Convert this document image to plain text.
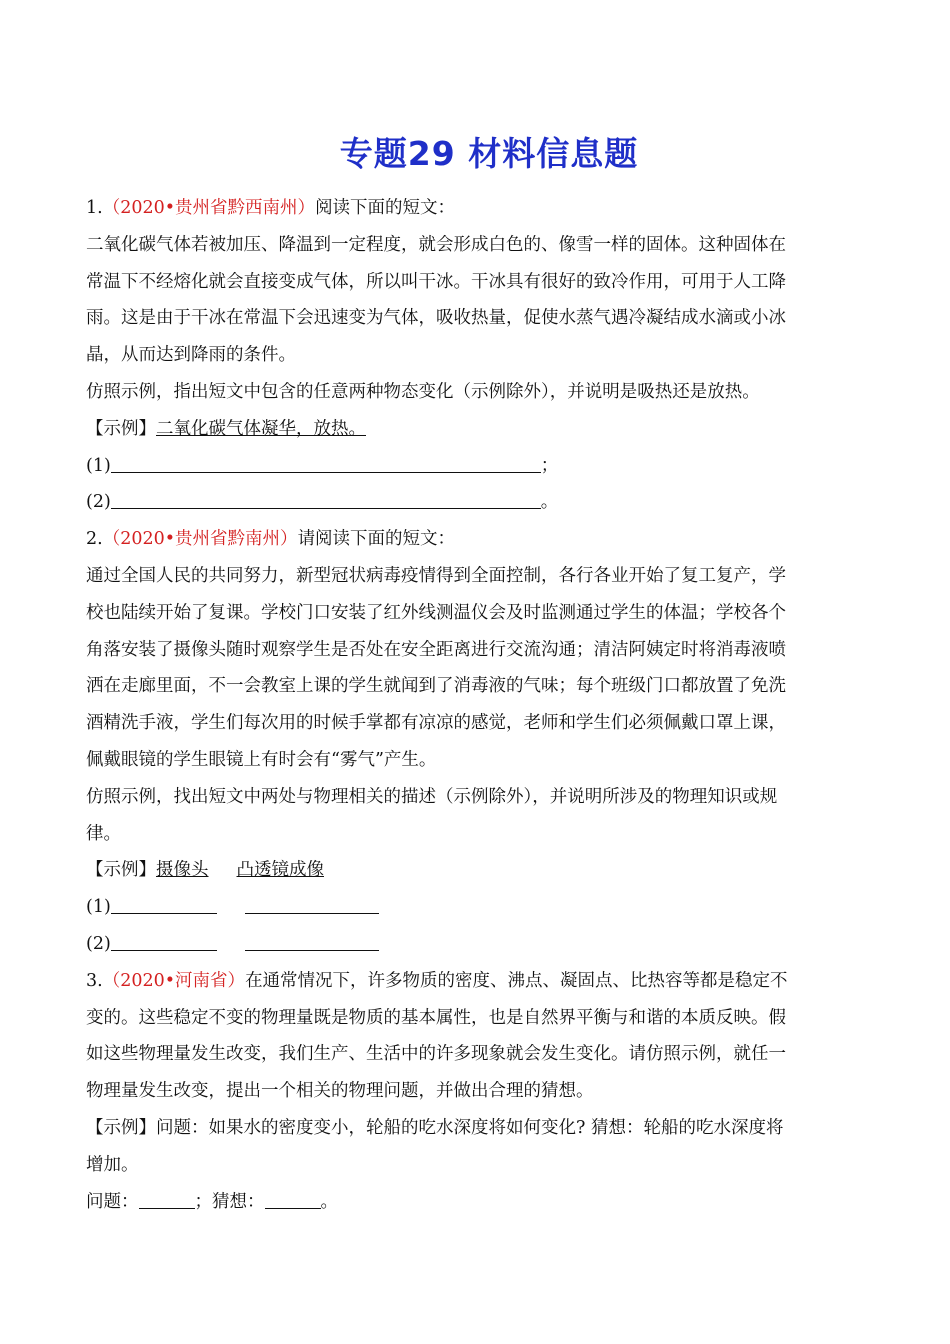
专题29 材料信息题
1.（2020•贵州省黔西南州）阅读下面的短文：
二氧化碳气体若被加压、降温到一定程度，就会形成白色的、像雪一样的固体。这种固体在
常温下不经熔化就会直接变成气体，所以叫干冰。干冰具有很好的致冷作用，可用于人工降
雨。这是由于干冰在常温下会迅速变为气体，吸收热量，促使水蒸气遇冷凝结成水滴或小冰
晶，从而达到降雨的条件。
仿照示例，指出短文中包含的任意两种物态变化（示例除外），并说明是吸热还是放热。
【示例】二氧化碳气体凝华，放热。
(1)	；
(2)	。
2.（2020•贵州省黔南州）请阅读下面的短文：
通过全国人民的共同努力，新型冠状病毒疫情得到全面控制，各行各业开始了复工复产，学
校也陆续开始了复课。学校门口安装了红外线测温仪会及时监测通过学生的体温；学校各个
角落安装了摄像头随时观察学生是否处在安全距离进行交流沟通；清洁阿姨定时将消毒液喷
洒在走廊里面，不一会教室上课的学生就闻到了消毒液的气味；每个班级门口都放置了免洗
酒精洗手液，学生们每次用的时候手掌都有凉凉的感觉，老师和学生们必须佩戴口罩上课，
佩戴眼镜的学生眼镜上有时会有“雾气”产生。
仿照示例，找出短文中两处与物理相关的描述（示例除外），并说明所涉及的物理知识或规
律。
【示例】摄像头 凸透镜成像
(1)
(2)
3.（2020•河南省）在通常情况下，许多物质的密度、沸点、凝固点、比热容等都是稳定不
变的。这些稳定不变的物理量既是物质的基本属性，也是自然界平衡与和谐的本质反映。假
如这些物理量发生改变，我们生产、生活中的许多现象就会发生变化。请仿照示例，就任一
物理量发生改变，提出一个相关的物理问题，并做出合理的猜想。
【示例】问题：如果水的密度变小，轮船的吃水深度将如何变化? 猜想：轮船的吃水深度将
增加。
问题：	；猜想：	。
